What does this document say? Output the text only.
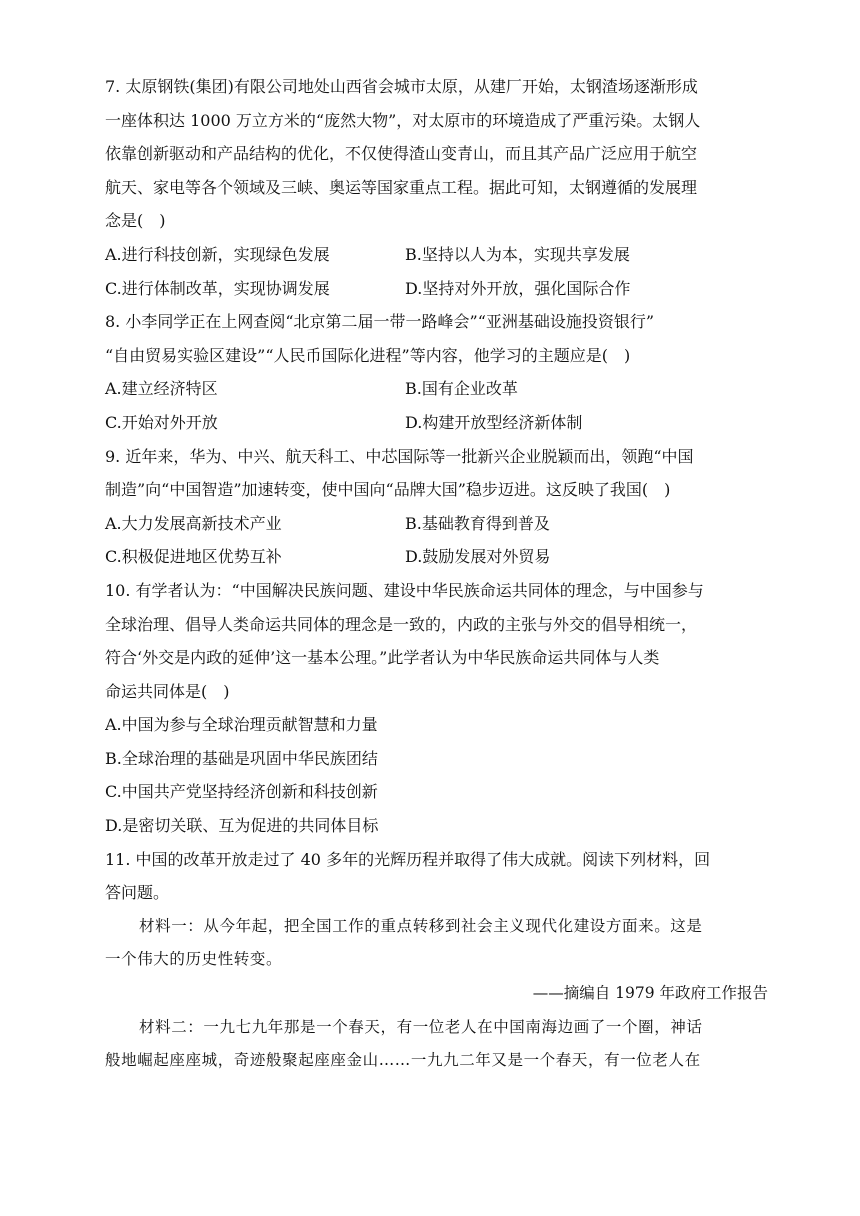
7. 太原钢铁(集团)有限公司地处山西省会城市太原，从建厂开始，太钢渣场逐渐形成
一座体积达 1000 万立方米的“庞然大物”，对太原市的环境造成了严重污染。太钢人
依靠创新驱动和产品结构的优化，不仅使得渣山变青山，而且其产品广泛应用于航空
航天、家电等各个领域及三峡、奥运等国家重点工程。据此可知，太钢遵循的发展理
念是(　)
A.进行科技创新，实现绿色发展	B.坚持以人为本，实现共享发展
C.进行体制改革，实现协调发展	D.坚持对外开放，强化国际合作
8. 小李同学正在上网查阅“北京第二届一带一路峰会”“亚洲基础设施投资银行”
“自由贸易实验区建设”“人民币国际化进程”等内容，他学习的主题应是(　)
A.建立经济特区	B.国有企业改革
C.开始对外开放	D.构建开放型经济新体制
9. 近年来，华为、中兴、航天科工、中芯国际等一批新兴企业脱颖而出，领跑“中国
制造”向“中国智造”加速转变，使中国向“品牌大国”稳步迈进。这反映了我国(　)
A.大力发展高新技术产业	B.基础教育得到普及
C.积极促进地区优势互补	D.鼓励发展对外贸易
10. 有学者认为：“中国解决民族问题、建设中华民族命运共同体的理念，与中国参与
全球治理、倡导人类命运共同体的理念是一致的，内政的主张与外交的倡导相统一，
符合‘外交是内政的延伸’这一基本公理。”此学者认为中华民族命运共同体与人类
命运共同体是(　)
A.中国为参与全球治理贡献智慧和力量
B.全球治理的基础是巩固中华民族团结
C.中国共产党坚持经济创新和科技创新
D.是密切关联、互为促进的共同体目标
11. 中国的改革开放走过了 40 多年的光辉历程并取得了伟大成就。阅读下列材料，回
答问题。
材料一：从今年起，把全国工作的重点转移到社会主义现代化建设方面来。这是
一个伟大的历史性转变。
——摘编自 1979 年政府工作报告
材料二：一九七九年那是一个春天，有一位老人在中国南海边画了一个圈，神话
般地崛起座座城，奇迹般聚起座座金山……一九九二年又是一个春天，有一位老人在
